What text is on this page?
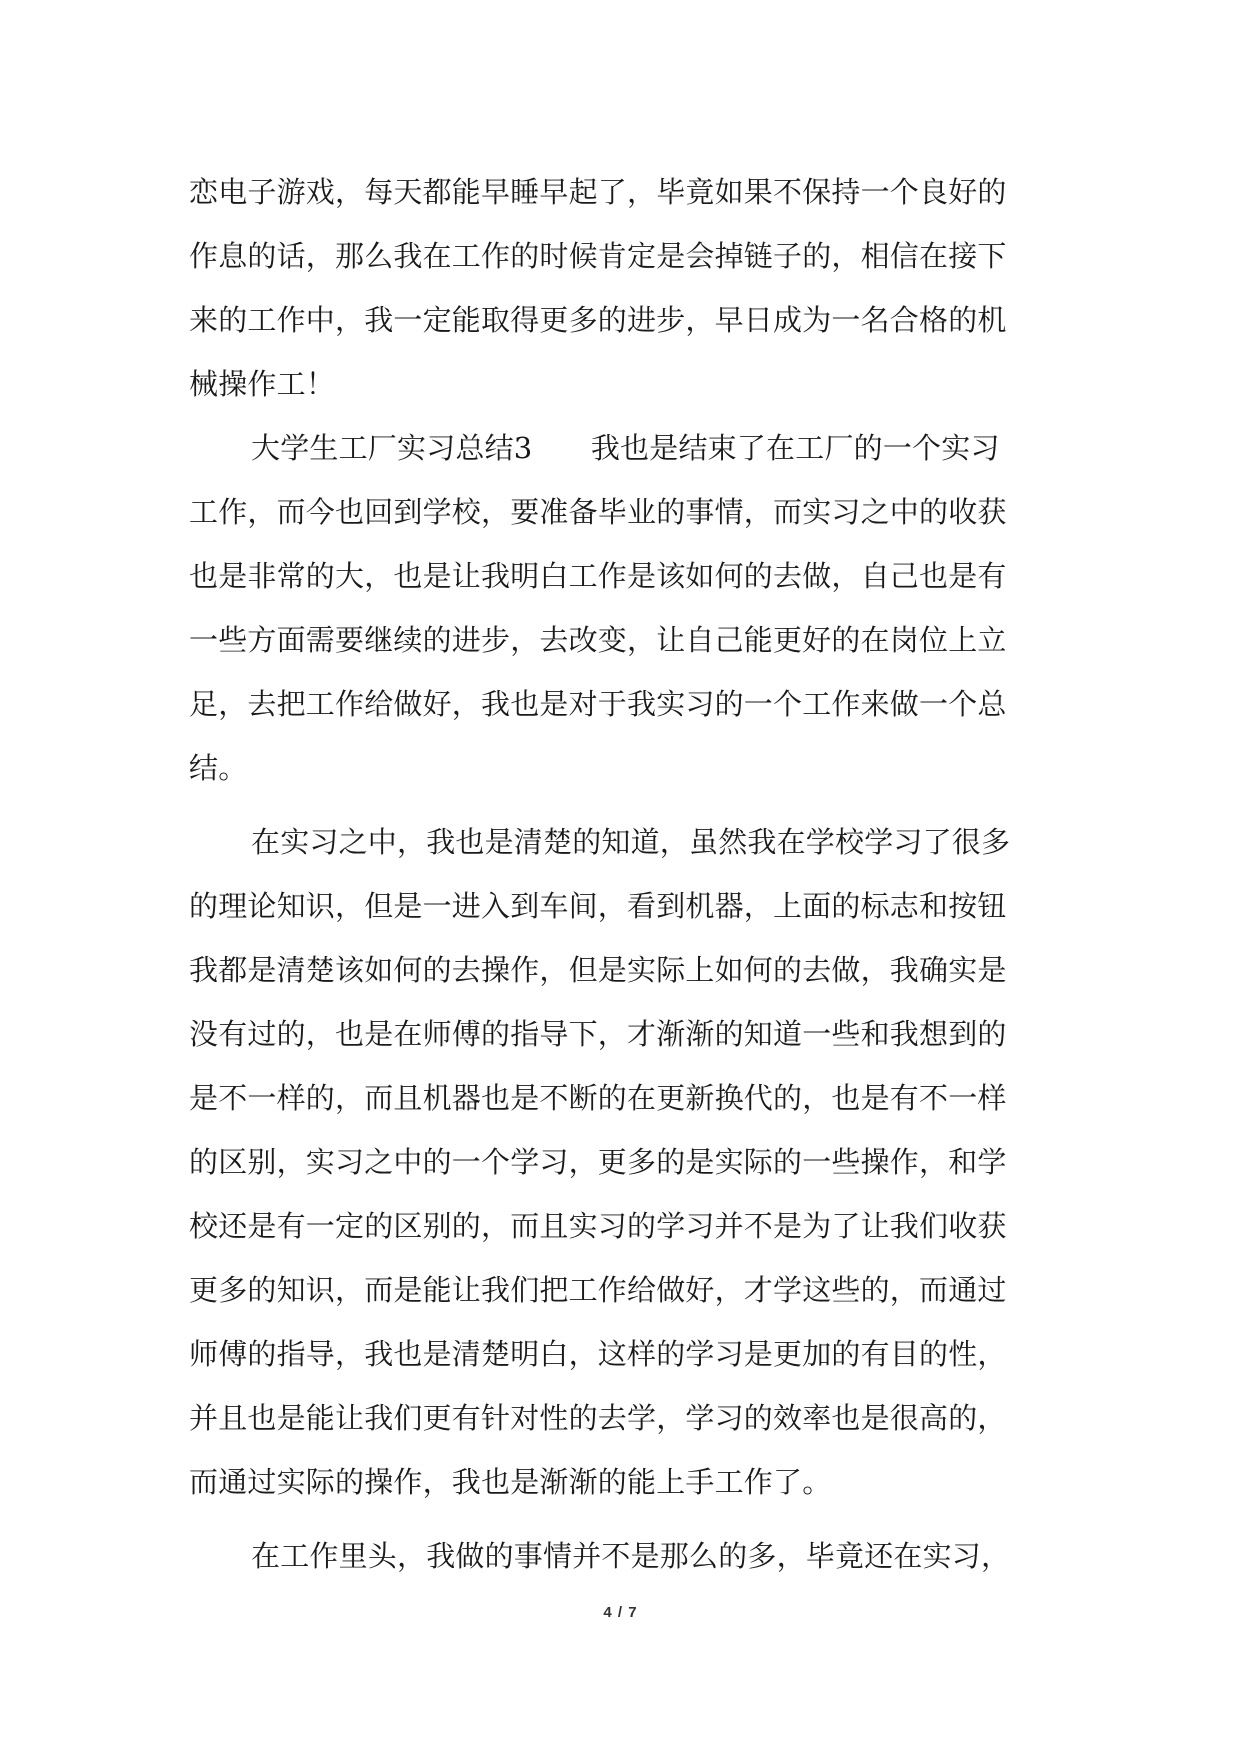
恋电子游戏，每天都能早睡早起了，毕竟如果不保持一个良好的
作息的话，那么我在工作的时候肯定是会掉链子的，相信在接下
来的工作中，我一定能取得更多的进步，早日成为一名合格的机
械操作工！
大学生工厂实习总结3　　我也是结束了在工厂的一个实习
工作，而今也回到学校，要准备毕业的事情，而实习之中的收获
也是非常的大，也是让我明白工作是该如何的去做，自己也是有
一些方面需要继续的进步，去改变，让自己能更好的在岗位上立
足，去把工作给做好，我也是对于我实习的一个工作来做一个总
结。
在实习之中，我也是清楚的知道，虽然我在学校学习了很多
的理论知识，但是一进入到车间，看到机器，上面的标志和按钮
我都是清楚该如何的去操作，但是实际上如何的去做，我确实是
没有过的，也是在师傅的指导下，才渐渐的知道一些和我想到的
是不一样的，而且机器也是不断的在更新换代的，也是有不一样
的区别，实习之中的一个学习，更多的是实际的一些操作，和学
校还是有一定的区别的，而且实习的学习并不是为了让我们收获
更多的知识，而是能让我们把工作给做好，才学这些的，而通过
师傅的指导，我也是清楚明白，这样的学习是更加的有目的性，
并且也是能让我们更有针对性的去学，学习的效率也是很高的，
而通过实际的操作，我也是渐渐的能上手工作了。
在工作里头，我做的事情并不是那么的多，毕竟还在实习，
4 / 7
